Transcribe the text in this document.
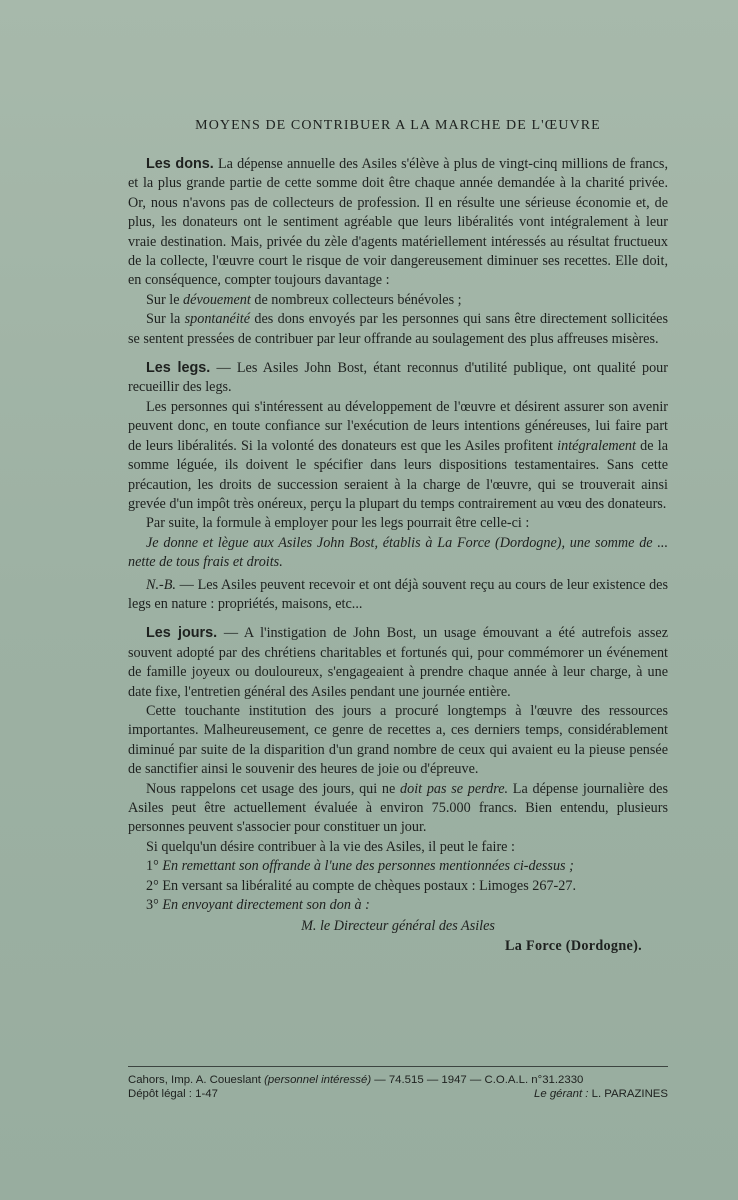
MOYENS DE CONTRIBUER A LA MARCHE DE L'ŒUVRE

Les dons. La dépense annuelle des Asiles s'élève à plus de vingt-cinq millions de francs, et la plus grande partie de cette somme doit être chaque année demandée à la charité privée. Or, nous n'avons pas de collecteurs de profession. Il en résulte une sérieuse économie et, de plus, les donateurs ont le sentiment agréable que leurs libéralités vont intégralement à leur vraie destination. Mais, privée du zèle d'agents matériellement intéressés au résultat fructueux de la collecte, l'œuvre court le risque de voir dangereusement diminuer ses recettes. Elle doit, en conséquence, compter toujours davantage :

Sur le dévouement de nombreux collecteurs bénévoles ;

Sur la spontanéité des dons envoyés par les personnes qui sans être directement sollicitées se sentent pressées de contribuer par leur offrande au soulagement des plus affreuses misères.

Les legs. — Les Asiles John Bost, étant reconnus d'utilité publique, ont qualité pour recueillir des legs.

Les personnes qui s'intéressent au développement de l'œuvre et désirent assurer son avenir peuvent donc, en toute confiance sur l'exécution de leurs intentions généreuses, lui faire part de leurs libéralités. Si la volonté des donateurs est que les Asiles profitent intégralement de la somme léguée, ils doivent le spécifier dans leurs dispositions testamentaires. Sans cette précaution, les droits de succession seraient à la charge de l'œuvre, qui se trouverait ainsi grevée d'un impôt très onéreux, perçu la plupart du temps contrairement au vœu des donateurs.

Par suite, la formule à employer pour les legs pourrait être celle-ci :

Je donne et lègue aux Asiles John Bost, établis à La Force (Dordogne), une somme de ... nette de tous frais et droits.

N.-B. — Les Asiles peuvent recevoir et ont déjà souvent reçu au cours de leur existence des legs en nature : propriétés, maisons, etc...

Les jours. — A l'instigation de John Bost, un usage émouvant a été autrefois assez souvent adopté par des chrétiens charitables et fortunés qui, pour commémorer un événement de famille joyeux ou douloureux, s'engageaient à prendre chaque année à leur charge, à une date fixe, l'entretien général des Asiles pendant une journée entière.

Cette touchante institution des jours a procuré longtemps à l'œuvre des ressources importantes. Malheureusement, ce genre de recettes a, ces derniers temps, considérablement diminué par suite de la disparition d'un grand nombre de ceux qui avaient eu la pieuse pensée de sanctifier ainsi le souvenir des heures de joie ou d'épreuve.

Nous rappelons cet usage des jours, qui ne doit pas se perdre. La dépense journalière des Asiles peut être actuellement évaluée à environ 75.000 francs. Bien entendu, plusieurs personnes peuvent s'associer pour constituer un jour.

Si quelqu'un désire contribuer à la vie des Asiles, il peut le faire :

1° En remettant son offrande à l'une des personnes mentionnées ci-dessus ;

2° En versant sa libéralité au compte de chèques postaux : Limoges 267-27.

3° En envoyant directement son don à :

M. le Directeur général des Asiles

La Force (Dordogne).

Cahors, Imp. A. Coueslant (personnel intéressé) — 74.515 — 1947 — C.O.A.L. n°31.2330
Dépôt légal : 1-47	Le gérant : L. PARAZINES
